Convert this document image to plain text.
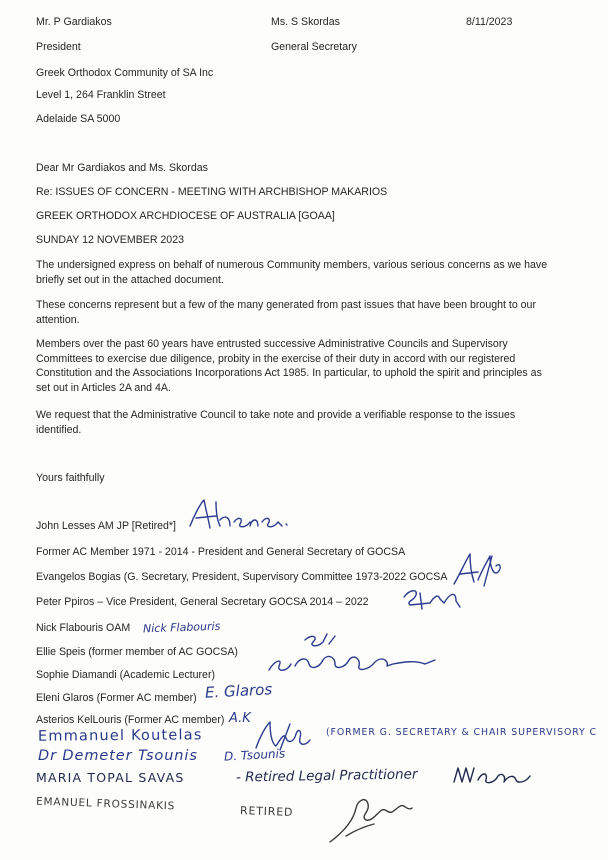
Mr. P Gardiakos
President
Ms. S Skordas
General Secretary
8/11/2023
Greek Orthodox Community of SA Inc
Level 1, 264 Franklin Street
Adelaide SA 5000
Dear Mr Gardiakos and Ms. Skordas
Re: ISSUES OF CONCERN - MEETING WITH ARCHBISHOP MAKARIOS
GREEK ORTHODOX ARCHDIOCESE OF AUSTRALIA [GOAA]
SUNDAY 12 NOVEMBER 2023
The undersigned express on behalf of numerous Community members, various serious concerns as we have briefly set out in the attached document.
These concerns represent but a few of the many generated from past issues that have been brought to our attention.
Members over the past 60 years have entrusted successive Administrative Councils and Supervisory Committees to exercise due diligence, probity in the exercise of their duty in accord with our registered Constitution and the Associations Incorporations Act 1985. In particular, to uphold the spirit and principles as set out in Articles 2A and 4A.
We request that the Administrative Council to take note and provide a verifiable response to the issues identified.
Yours faithfully
John Lesses AM JP [Retired*]
Former AC Member 1971 - 2014 - President and General Secretary of GOCSA
Evangelos Bogias (G. Secretary, President, Supervisory Committee 1973-2022 GOCSA
Peter Ppiros – Vice President, General Secretary GOCSA 2014 – 2022
Nick Flabouris OAM
Ellie Speis (former member of AC GOCSA)
Sophie Diamandi (Academic Lecturer)
Eleni Glaros (Former AC member)
Asterios KelLouris (Former AC member)
Nick Flabouris
E. Glaros
A.K
Emmanuel Koutelas	(FORMER G. SECRETARY & CHAIR SUPERVISORY C
Dr Demeter Tsounis D. Tsounis
MARIA TOPAL SAVAS	- Retired Legal Practitioner
EMANUEL FROSSINAKIS	RETIRED
